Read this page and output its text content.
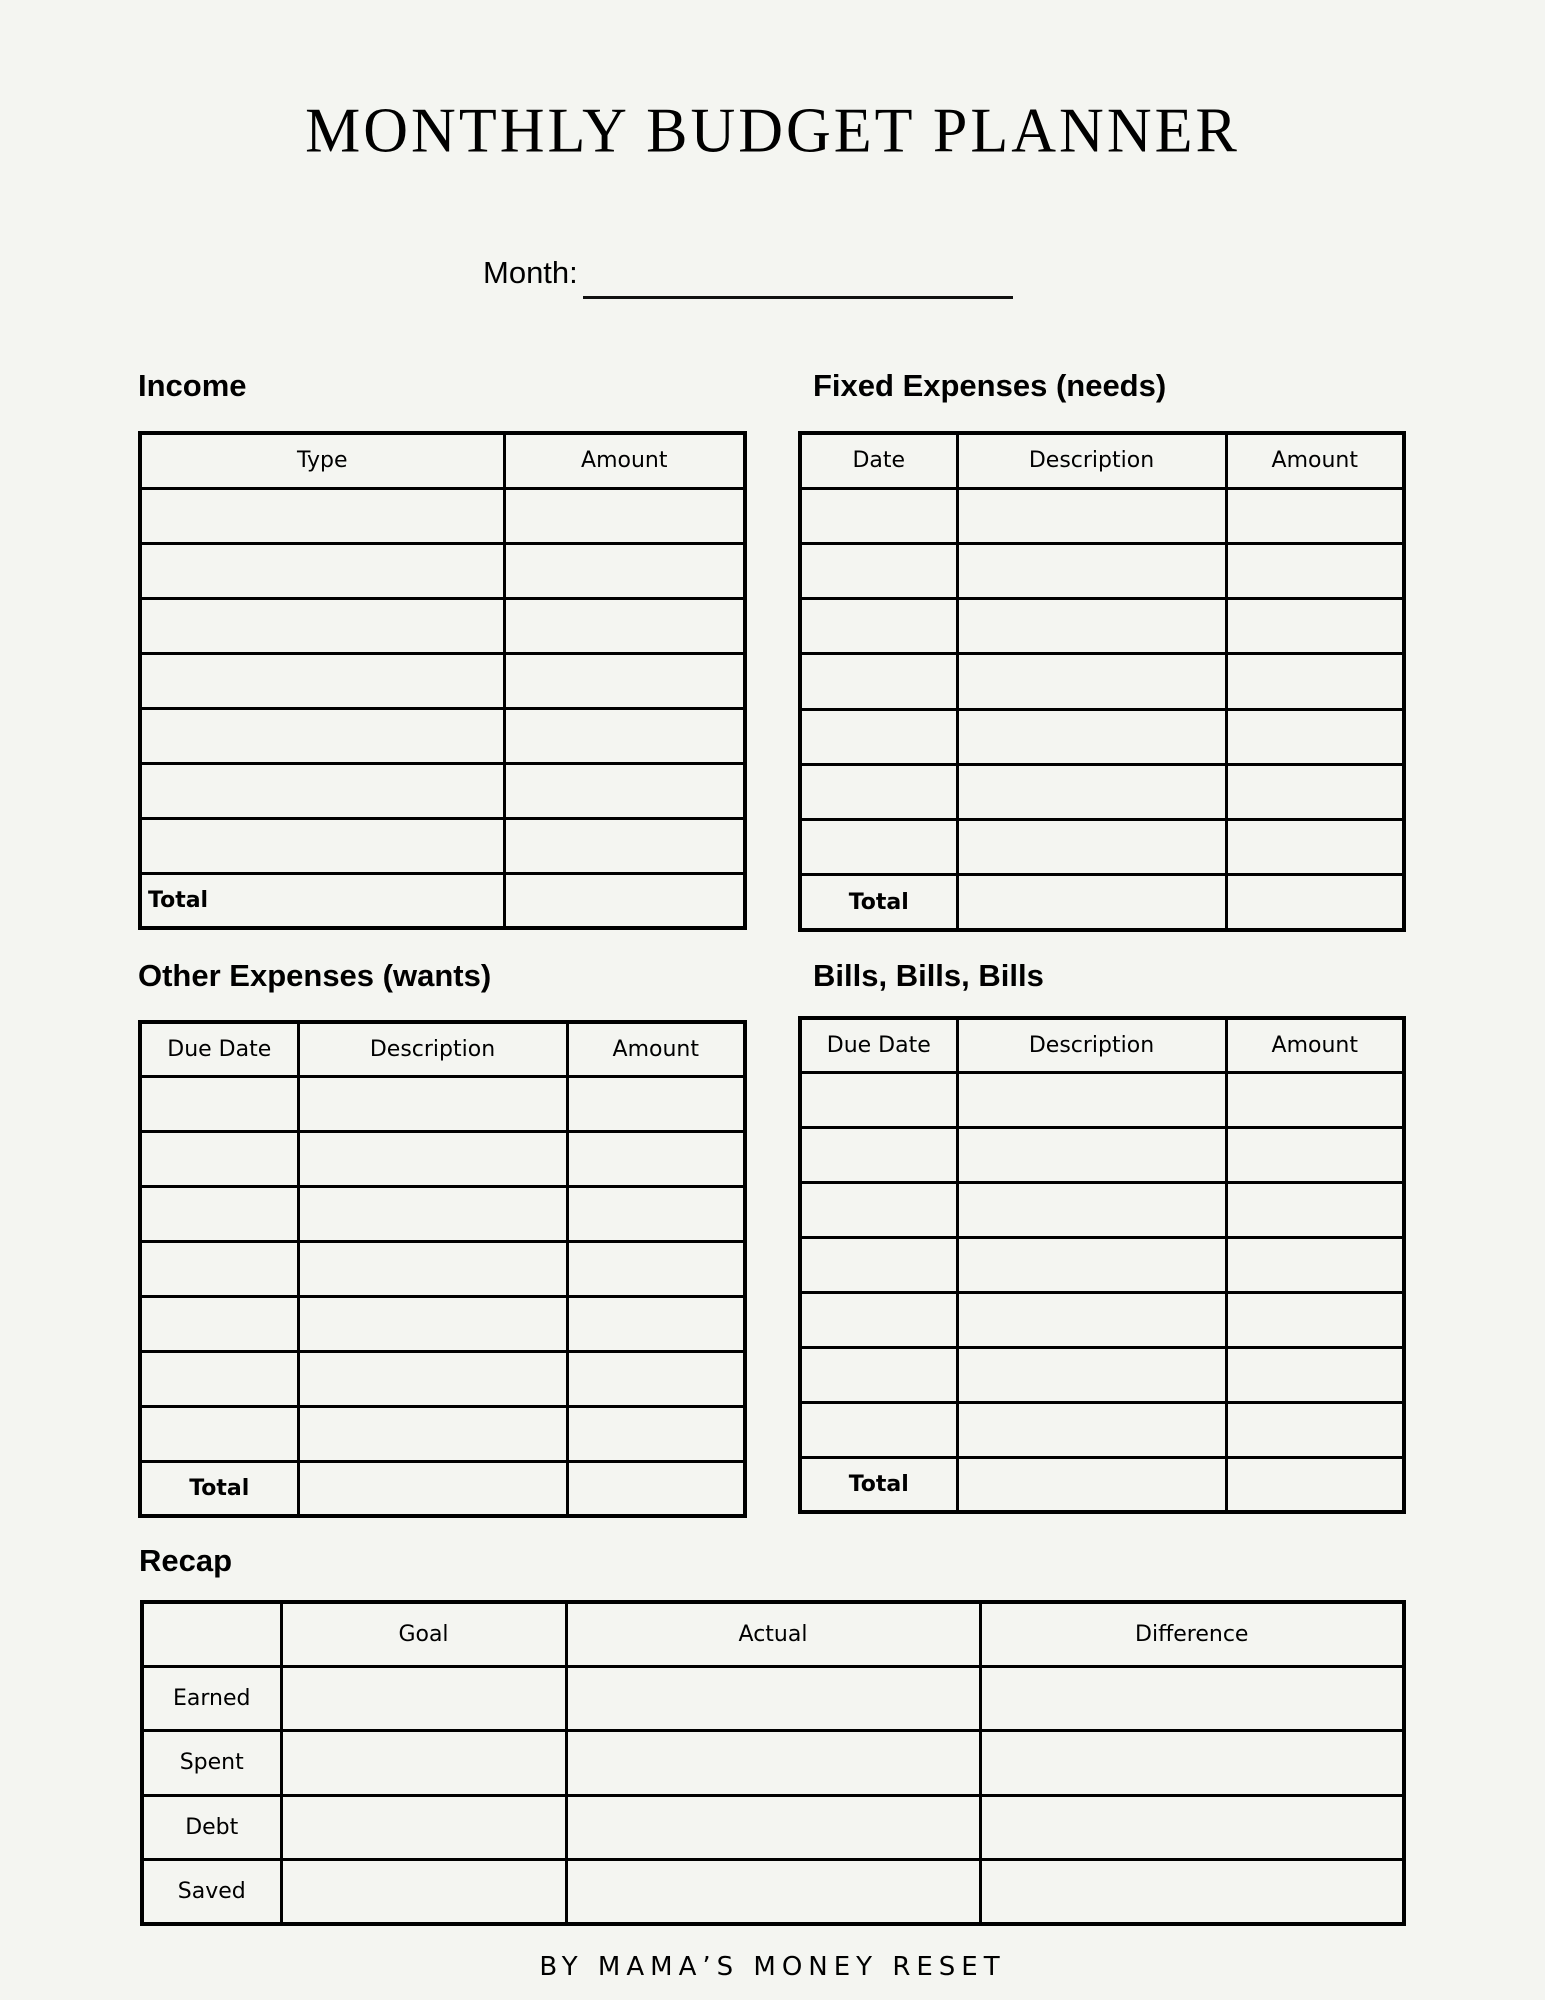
MONTHLY BUDGET PLANNER
Month:
Income
Type	Amount

Total	
Fixed Expenses (needs)
Date	Description	Amount

Total		
Other Expenses (wants)
Due Date	Description	Amount

Total		
Bills, Bills, Bills
Due Date	Description	Amount

Total		
Recap
	Goal	Actual	Difference
Earned			
Spent			
Debt			
Saved			
BY MAMA’S MONEY RESET
